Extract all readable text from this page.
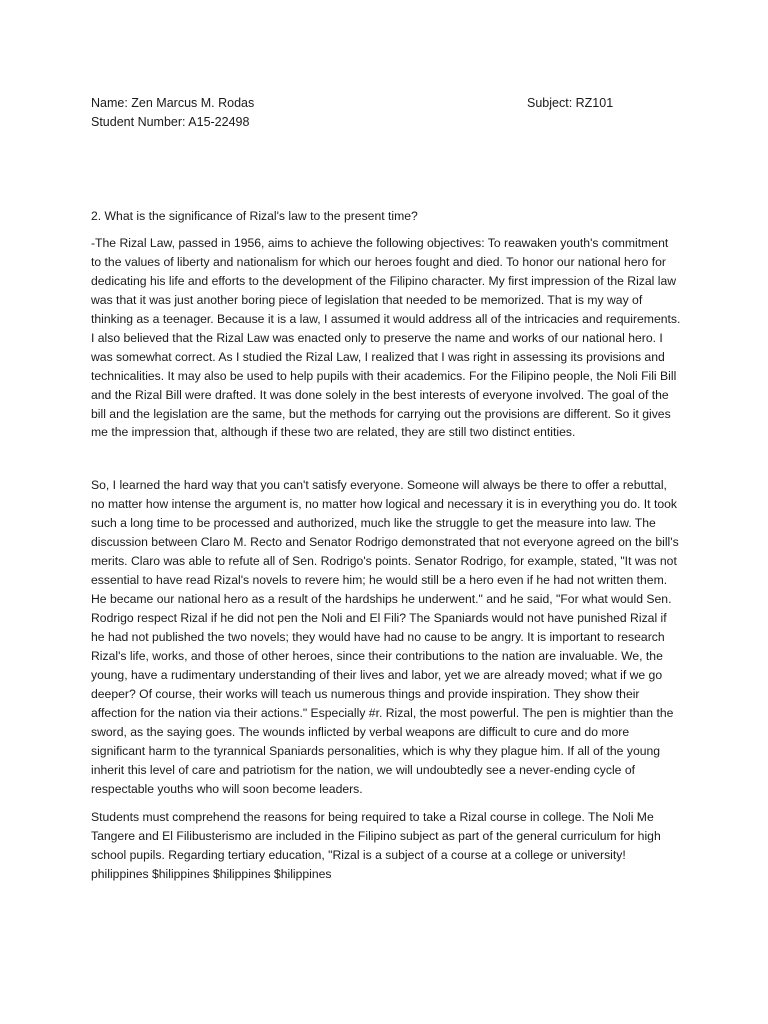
Name: Zen Marcus M. Rodas	Subject: RZ101
Student Number: A15-22498

2. What is the significance of Rizal's law to the present time?

-The Rizal Law, passed in 1956, aims to achieve the following objectives: To reawaken youth's commitment to the values of liberty and nationalism for which our heroes fought and died. To honor our national hero for dedicating his life and efforts to the development of the Filipino character. My first impression of the Rizal law was that it was just another boring piece of legislation that needed to be memorized. That is my way of thinking as a teenager. Because it is a law, I assumed it would address all of the intricacies and requirements. I also believed that the Rizal Law was enacted only to preserve the name and works of our national hero. I was somewhat correct. As I studied the Rizal Law, I realized that I was right in assessing its provisions and technicalities. It may also be used to help pupils with their academics. For the Filipino people, the Noli Fili Bill and the Rizal Bill were drafted. It was done solely in the best interests of everyone involved. The goal of the bill and the legislation are the same, but the methods for carrying out the provisions are different. So it gives me the impression that, although if these two are related, they are still two distinct entities.

So, I learned the hard way that you can't satisfy everyone. Someone will always be there to offer a rebuttal, no matter how intense the argument is, no matter how logical and necessary it is in everything you do. It took such a long time to be processed and authorized, much like the struggle to get the measure into law. The discussion between Claro M. Recto and Senator Rodrigo demonstrated that not everyone agreed on the bill's merits. Claro was able to refute all of Sen. Rodrigo's points. Senator Rodrigo, for example, stated, "It was not essential to have read Rizal's novels to revere him; he would still be a hero even if he had not written them. He became our national hero as a result of the hardships he underwent." and he said, "For what would Sen. Rodrigo respect Rizal if he did not pen the Noli and El Fili? The Spaniards would not have punished Rizal if he had not published the two novels; they would have had no cause to be angry. It is important to research Rizal's life, works, and those of other heroes, since their contributions to the nation are invaluable. We, the young, have a rudimentary understanding of their lives and labor, yet we are already moved; what if we go deeper? Of course, their works will teach us numerous things and provide inspiration. They show their affection for the nation via their actions." Especially #r. Rizal, the most powerful. The pen is mightier than the sword, as the saying goes. The wounds inflicted by verbal weapons are difficult to cure and do more significant harm to the tyrannical Spaniards personalities, which is why they plague him. If all of the young inherit this level of care and patriotism for the nation, we will undoubtedly see a never-ending cycle of respectable youths who will soon become leaders.

Students must comprehend the reasons for being required to take a Rizal course in college. The Noli Me Tangere and El Filibusterismo are included in the Filipino subject as part of the general curriculum for high school pupils. Regarding tertiary education, "Rizal is a subject of a course at a college or university! philippines $hilippines $hilippines $hilippines
